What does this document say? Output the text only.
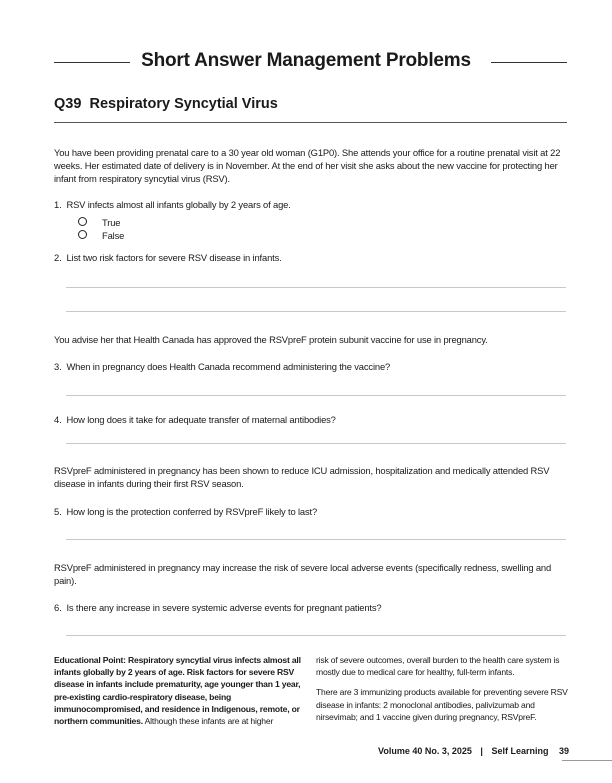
Short Answer Management Problems
Q39 Respiratory Syncytial Virus
You have been providing prenatal care to a 30 year old woman (G1P0). She attends your office for a routine prenatal visit at 22 weeks. Her estimated date of delivery is in November. At the end of her visit she asks about the new vaccine for protecting her infant from respiratory syncytial virus (RSV).
1. RSV infects almost all infants globally by 2 years of age.
True
False
2. List two risk factors for severe RSV disease in infants.
You advise her that Health Canada has approved the RSVpreF protein subunit vaccine for use in pregnancy.
3. When in pregnancy does Health Canada recommend administering the vaccine?
4. How long does it take for adequate transfer of maternal antibodies?
RSVpreF administered in pregnancy has been shown to reduce ICU admission, hospitalization and medically attended RSV disease in infants during their first RSV season.
5. How long is the protection conferred by RSVpreF likely to last?
RSVpreF administered in pregnancy may increase the risk of severe local adverse events (specifically redness, swelling and pain).
6. Is there any increase in severe systemic adverse events for pregnant patients?
Educational Point: Respiratory syncytial virus infects almost all infants globally by 2 years of age. Risk factors for severe RSV disease in infants include prematurity, age younger than 1 year, pre-existing cardio-respiratory disease, being immunocompromised, and residence in Indigenous, remote, or northern communities. Although these infants are at higher
risk of severe outcomes, overall burden to the health care system is mostly due to medical care for healthy, full-term infants.
There are 3 immunizing products available for preventing severe RSV disease in infants: 2 monoclonal antibodies, palivizumab and nirsevimab; and 1 vaccine given during pregnancy, RSVpreF.
Volume 40 No. 3, 2025 | Self Learning 39
